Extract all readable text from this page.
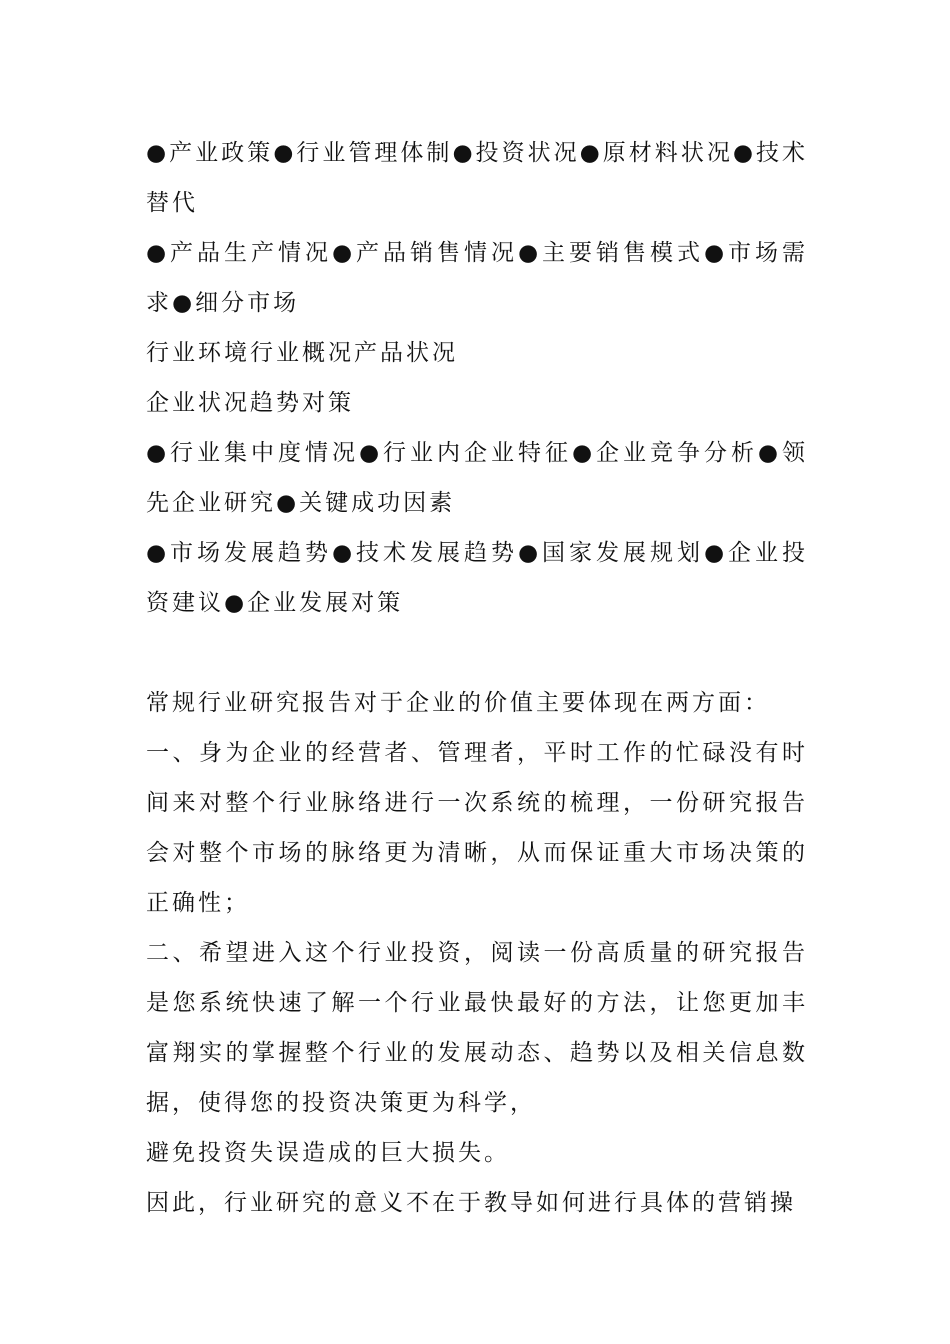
●产业政策●行业管理体制●投资状况●原材料状况●技术替代

●产品生产情况●产品销售情况●主要销售模式●市场需求●细分市场

行业环境行业概况产品状况

企业状况趋势对策

●行业集中度情况●行业内企业特征●企业竞争分析●领先企业研究●关键成功因素

●市场发展趋势●技术发展趋势●国家发展规划●企业投资建议●企业发展对策

常规行业研究报告对于企业的价值主要体现在两方面：

一、身为企业的经营者、管理者，平时工作的忙碌没有时间来对整个行业脉络进行一次系统的梳理，一份研究报告会对整个市场的脉络更为清晰，从而保证重大市场决策的正确性；

二、希望进入这个行业投资，阅读一份高质量的研究报告是您系统快速了解一个行业最快最好的方法，让您更加丰富翔实的掌握整个行业的发展动态、趋势以及相关信息数据，使得您的投资决策更为科学，

避免投资失误造成的巨大损失。

因此，行业研究的意义不在于教导如何进行具体的营销操
